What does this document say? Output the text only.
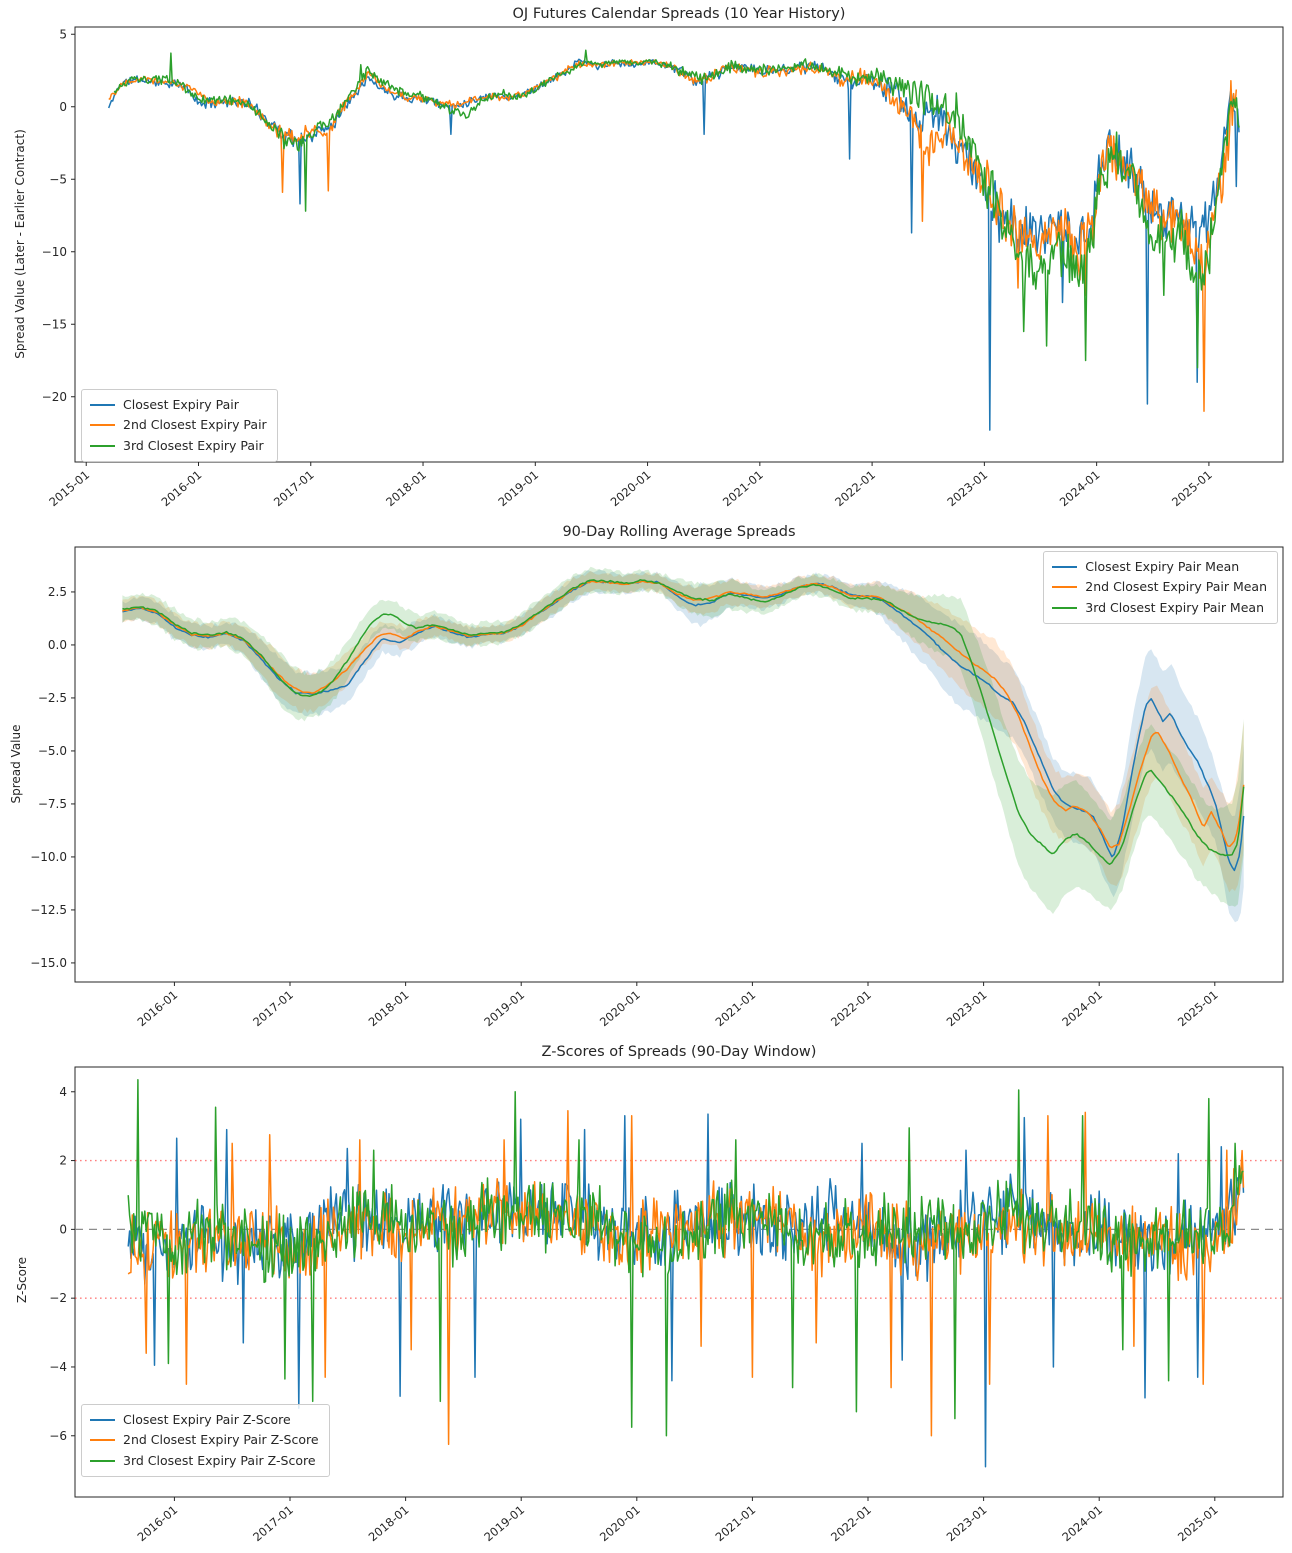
OJ Futures Calendar Spreads (10 Year History)
Spread Value (Later - Earlier Contract)
5
0
−5
−10
−15
−20
2015-01	2016-01	2017-01	2018-01	2019-01	2020-01	2021-01	2022-01	2023-01	2024-01	2025-01
Closest Expiry Pair
2nd Closest Expiry Pair
3rd Closest Expiry Pair
90-Day Rolling Average Spreads
Spread Value
2.5
0.0
−2.5
−5.0
−7.5
−10.0
−12.5
−15.0
2016-01	2017-01	2018-01	2019-01	2020-01	2021-01	2022-01	2023-01	2024-01	2025-01
Closest Expiry Pair Mean
2nd Closest Expiry Pair Mean
3rd Closest Expiry Pair Mean
Z-Scores of Spreads (90-Day Window)
Z-Score
4
2
0
−2
−4
−6
2016-01	2017-01	2018-01	2019-01	2020-01	2021-01	2022-01	2023-01	2024-01	2025-01
Closest Expiry Pair Z-Score
2nd Closest Expiry Pair Z-Score
3rd Closest Expiry Pair Z-Score
